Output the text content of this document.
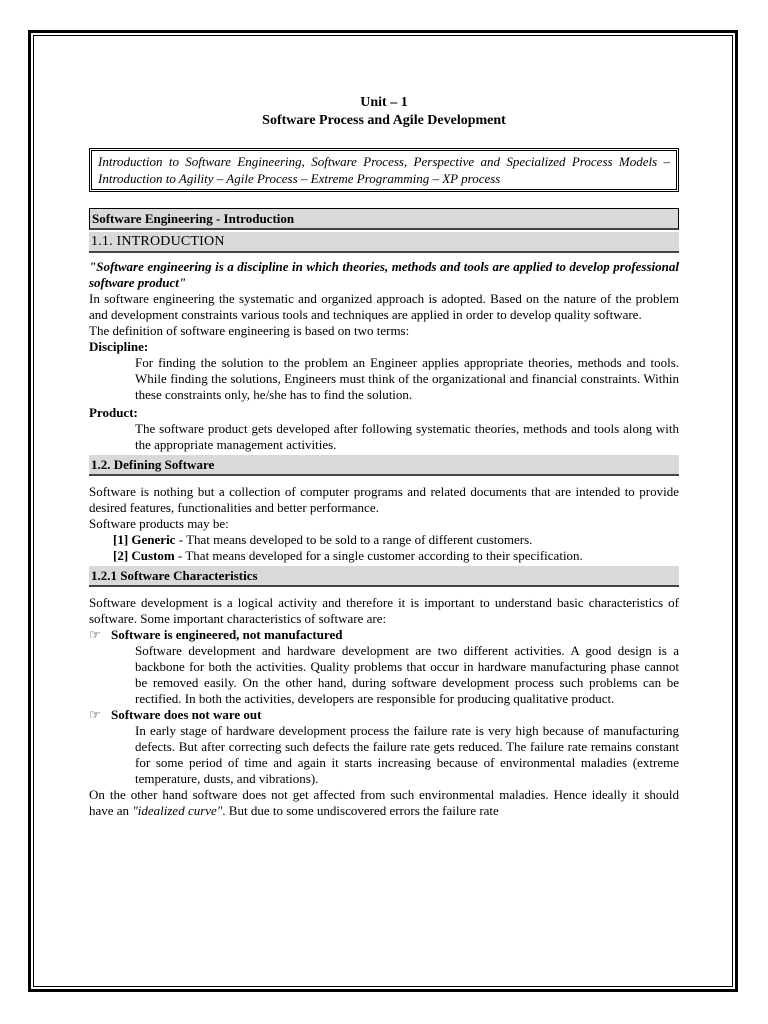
Unit – 1
Software Process and Agile Development
Introduction to Software Engineering, Software Process, Perspective and Specialized Process Models – Introduction to Agility – Agile Process – Extreme Programming – XP process
Software Engineering - Introduction
1.1. INTRODUCTION

"Software engineering is a discipline in which theories, methods and tools are applied to develop professional software product"

In software engineering the systematic and organized approach is adopted. Based on the nature of the problem and development constraints various tools and techniques are applied in order to develop quality software.

The definition of software engineering is based on two terms:

Discipline:

For finding the solution to the problem an Engineer applies appropriate theories, methods and tools. While finding the solutions, Engineers must think of the organizational and financial constraints. Within these constraints only, he/she has to find the solution.

Product:

The software product gets developed after following systematic theories, methods and tools along with the appropriate management activities.

1.2. Defining Software

Software is nothing but a collection of computer programs and related documents that are intended to provide desired features, functionalities and better performance.

Software products may be:

[1] Generic - That means developed to be sold to a range of different customers.
[2] Custom - That means developed for a single customer according to their specification.
1.2.1 Software Characteristics

Software development is a logical activity and therefore it is important to understand basic characteristics of software. Some important characteristics of software are:

☞ Software is engineered, not manufactured

Software development and hardware development are two different activities. A good design is a backbone for both the activities. Quality problems that occur in hardware manufacturing phase cannot be removed easily. On the other hand, during software development process such problems can be rectified. In both the activities, developers are responsible for producing qualitative product.

☞ Software does not ware out

In early stage of hardware development process the failure rate is very high because of manufacturing defects. But after correcting such defects the failure rate gets reduced. The failure rate remains constant for some period of time and again it starts increasing because of environmental maladies (extreme temperature, dusts, and vibrations).

On the other hand software does not get affected from such environmental maladies. Hence ideally it should have an "idealized curve". But due to some undiscovered errors the failure rate
